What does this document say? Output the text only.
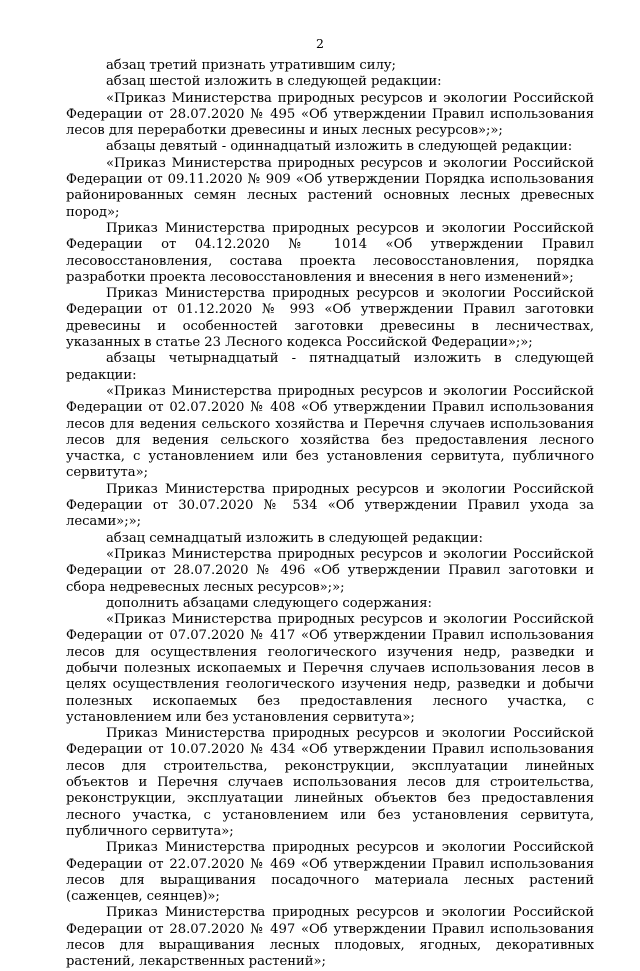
2

абзац третий признать утратившим силу;

абзац шестой изложить в следующей редакции:

«Приказ Министерства природных ресурсов и экологии Российской Федерации от 28.07.2020 № 495 «Об утверждении Правил использования лесов для переработки древесины и иных лесных ресурсов»;»;

абзацы девятый - одиннадцатый изложить в следующей редакции:

«Приказ Министерства природных ресурсов и экологии Российской Федерации от 09.11.2020 № 909 «Об утверждении Порядка использования районированных семян лесных растений основных лесных древесных пород»;

Приказ Министерства природных ресурсов и экологии Российской Федерации от 04.12.2020 № 1014 «Об утверждении Правил лесовосстановления, состава проекта лесовосстановления, порядка разработки проекта лесовосстановления и внесения в него изменений»;

Приказ Министерства природных ресурсов и экологии Российской Федерации от 01.12.2020 № 993 «Об утверждении Правил заготовки древесины и особенностей заготовки древесины в лесничествах, указанных в статье 23 Лесного кодекса Российской Федерации»;»;

абзацы четырнадцатый - пятнадцатый изложить в следующей редакции:

«Приказ Министерства природных ресурсов и экологии Российской Федерации от 02.07.2020 № 408 «Об утверждении Правил использования лесов для ведения сельского хозяйства и Перечня случаев использования лесов для ведения сельского хозяйства без предоставления лесного участка, с установлением или без установления сервитута, публичного сервитута»;

Приказ Министерства природных ресурсов и экологии Российской Федерации от 30.07.2020 № 534 «Об утверждении Правил ухода за лесами»;»;

абзац семнадцатый изложить в следующей редакции:

«Приказ Министерства природных ресурсов и экологии Российской Федерации от 28.07.2020 № 496 «Об утверждении Правил заготовки и сбора недревесных лесных ресурсов»;»;

дополнить абзацами следующего содержания:

«Приказ Министерства природных ресурсов и экологии Российской Федерации от 07.07.2020 № 417 «Об утверждении Правил использования лесов для осуществления геологического изучения недр, разведки и добычи полезных ископаемых и Перечня случаев использования лесов в целях осуществления геологического изучения недр, разведки и добычи полезных ископаемых без предоставления лесного участка, с установлением или без установления сервитута»;

Приказ Министерства природных ресурсов и экологии Российской Федерации от 10.07.2020 № 434 «Об утверждении Правил использования лесов для строительства, реконструкции, эксплуатации линейных объектов и Перечня случаев использования лесов для строительства, реконструкции, эксплуатации линейных объектов без предоставления лесного участка, с установлением или без установления сервитута, публичного сервитута»;

Приказ Министерства природных ресурсов и экологии Российской Федерации от 22.07.2020 № 469 «Об утверждении Правил использования лесов для выращивания посадочного материала лесных растений (саженцев, сеянцев)»;

Приказ Министерства природных ресурсов и экологии Российской Федерации от 28.07.2020 № 497 «Об утверждении Правил использования лесов для выращивания лесных плодовых, ягодных, декоративных растений, лекарственных растений»;
